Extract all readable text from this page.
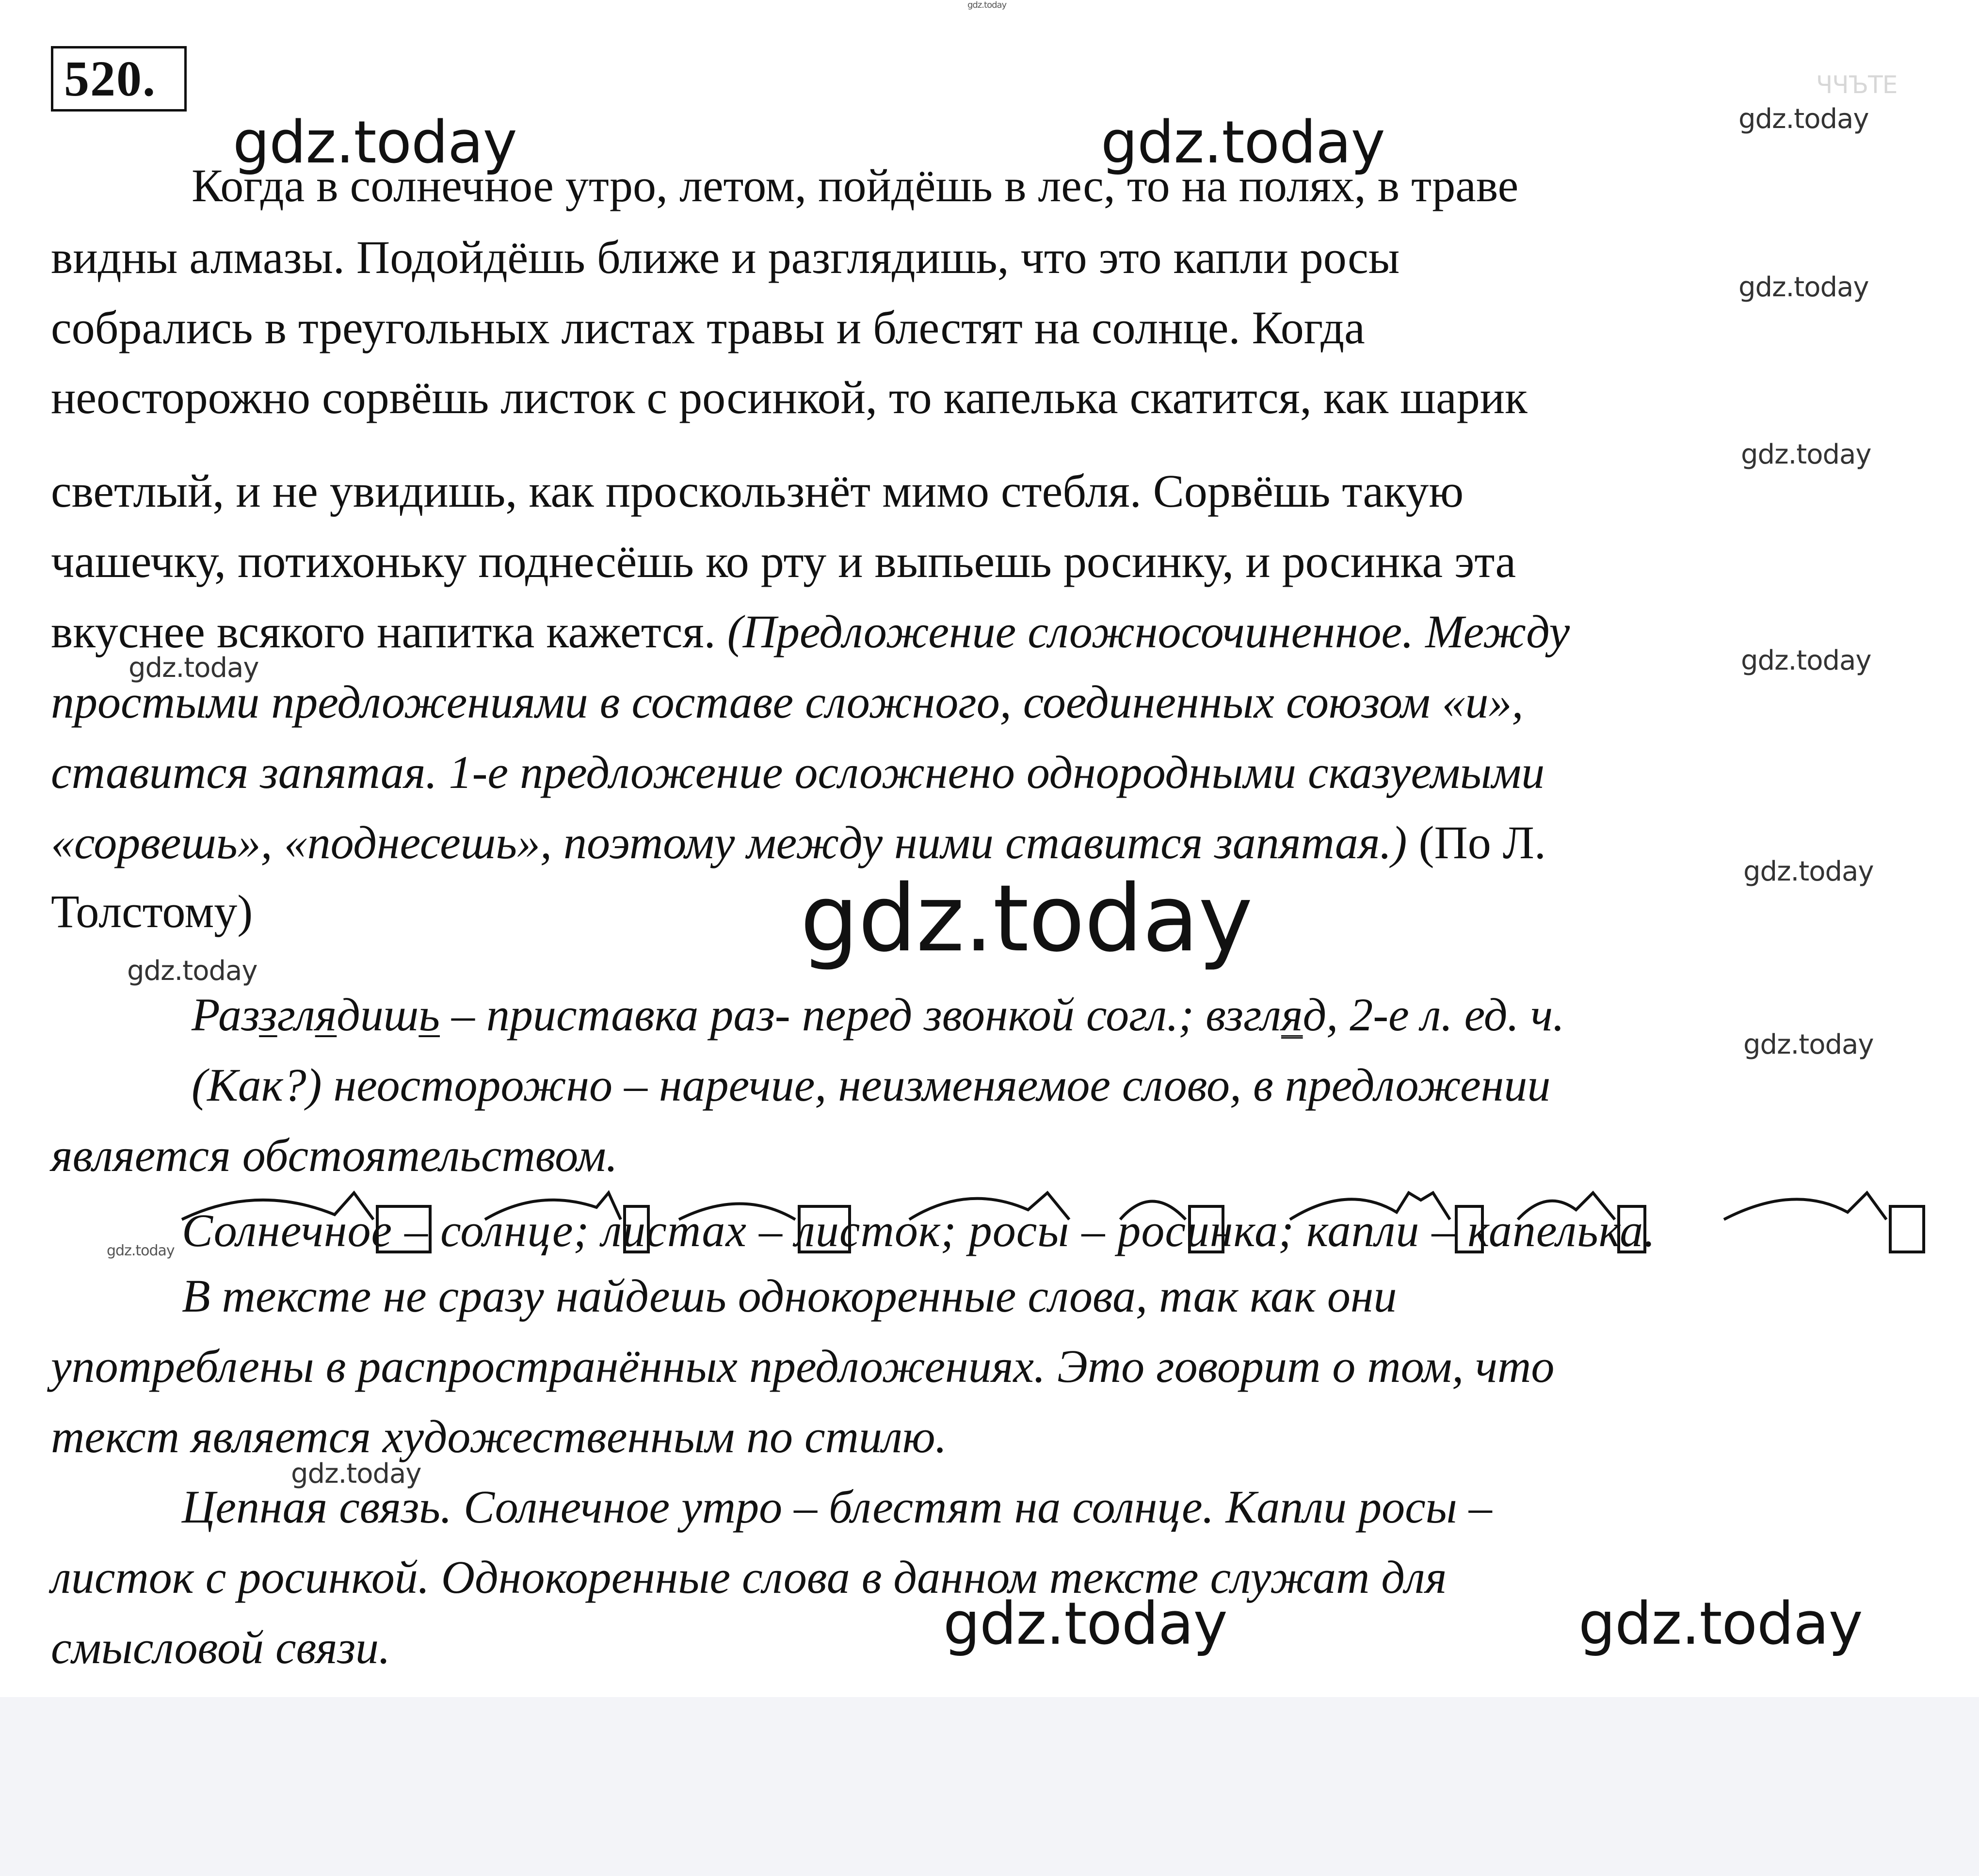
gdz.today
ЧЧЪТЕ
gdz.today	gdz.today	gdz.today
gdz.today
gdz.today
gdz.today	gdz.today
gdz.today
gdz.today
gdz.today
gdz.today
gdz.today
gdz.today
gdz.today	gdz.today
520.
Когда в солнечное утро, летом, пойдёшь в лес, то на полях, в траве
видны алмазы. Подойдёшь ближе и разглядишь, что это капли росы
собрались в треугольных листах травы и блестят на солнце. Когда
неосторожно сорвёшь листок с росинкой, то капелька скатится, как шарик
светлый, и не увидишь, как проскользнёт мимо стебля. Сорвёшь такую
чашечку, потихоньку поднесёшь ко рту и выпьешь росинку, и росинка эта
вкуснее всякого напитка кажется. (Предложение сложносочиненное. Между
простыми предложениями в составе сложного, соединенных союзом «и»,
ставится запятая. 1-е предложение осложнено однородными сказуемыми
«сорвешь», «поднесешь», поэтому между ними ставится запятая.) (По Л.
Толстому)
Раззглядишь – приставка раз- перед звонкой согл.; взгляд, 2-е л. ед. ч.
(Как?) неосторожно – наречие, неизменяемое слово, в предложении
является обстоятельством.
Солнечное – солнце; листах – листок; росы – росинка; капли – капелька.
В тексте не сразу найдешь однокоренные слова, так как они
употреблены в распространённых предложениях. Это говорит о том, что
текст является художественным по стилю.
Цепная связь. Солнечное утро – блестят на солнце. Капли росы –
листок с росинкой. Однокоренные слова в данном тексте служат для
смысловой связи.
